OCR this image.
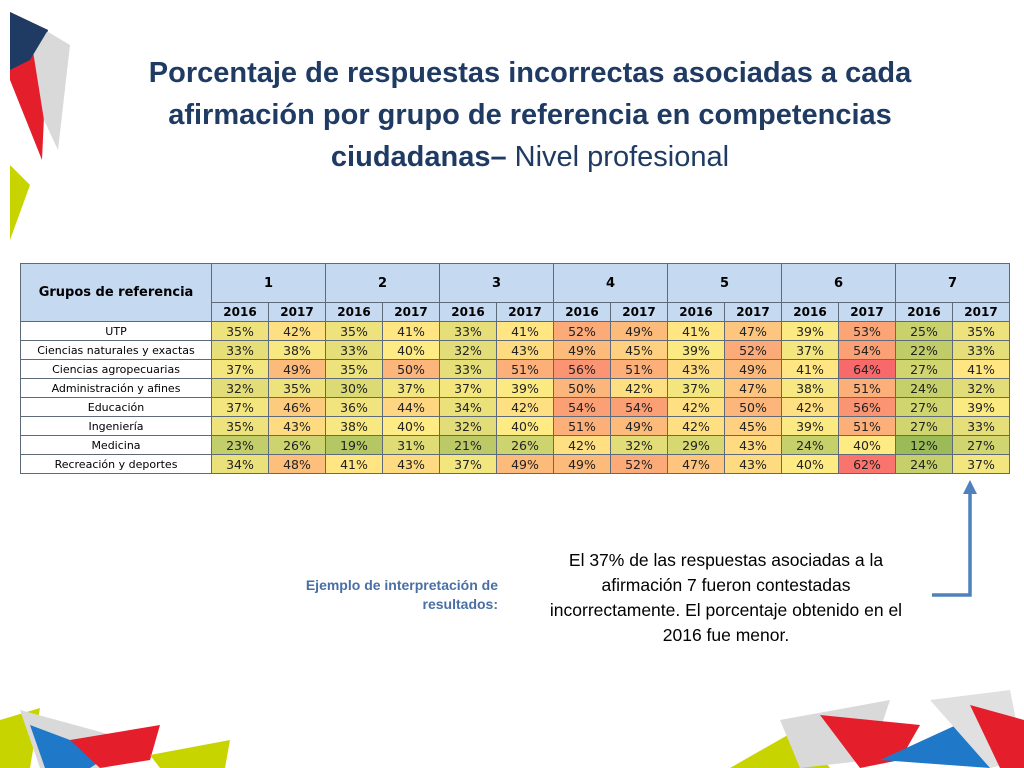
Porcentaje de respuestas incorrectas asociadas a cada afirmación por grupo de referencia en competencias ciudadanas– Nivel profesional
Grupos de referencia	1		2		3		4		5		6		7	
	2016	2017	2016	2017	2016	2017	2016	2017	2016	2017	2016	2017	2016	2017
UTP	35%	42%	35%	41%	33%	41%	52%	49%	41%	47%	39%	53%	25%	35%
Ciencias naturales y exactas	33%	38%	33%	40%	32%	43%	49%	45%	39%	52%	37%	54%	22%	33%
Ciencias agropecuarias	37%	49%	35%	50%	33%	51%	56%	51%	43%	49%	41%	64%	27%	41%
Administración y afines	32%	35%	30%	37%	37%	39%	50%	42%	37%	47%	38%	51%	24%	32%
Educación	37%	46%	36%	44%	34%	42%	54%	54%	42%	50%	42%	56%	27%	39%
Ingeniería	35%	43%	38%	40%	32%	40%	51%	49%	42%	45%	39%	51%	27%	33%
Medicina	23%	26%	19%	31%	21%	26%	42%	32%	29%	43%	24%	40%	12%	27%
Recreación y deportes	34%	48%	41%	43%	37%	49%	49%	52%	47%	43%	40%	62%	24%	37%
Ejemplo de interpretación de resultados:
El 37% de las respuestas asociadas a la afirmación 7 fueron contestadas incorrectamente. El porcentaje obtenido en el 2016 fue menor.
